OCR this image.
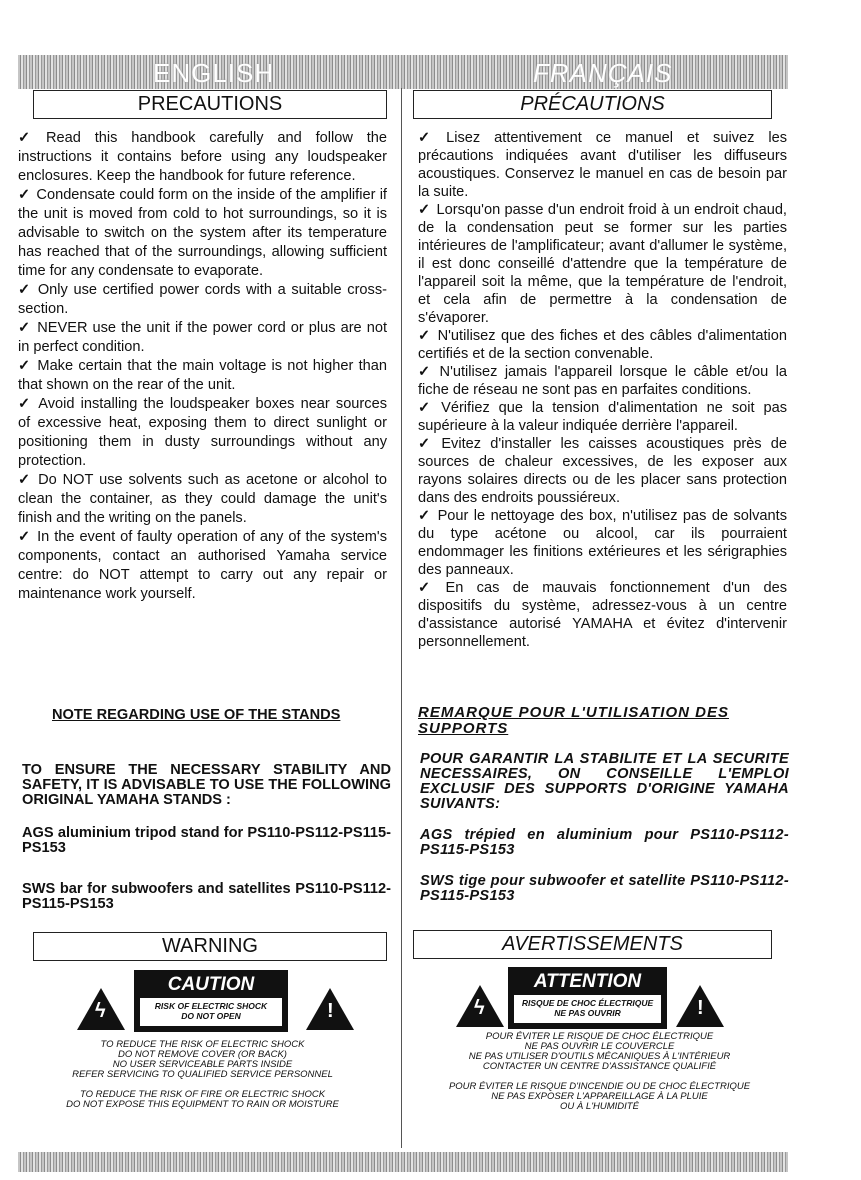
ENGLISH	FRANÇAIS
PRECAUTIONS	PRÉCAUTIONS

✓ Read this handbook carefully and follow the instructions it contains before using any loudspeaker enclosures. Keep the handbook for future reference.

✓ Condensate could form on the inside of the amplifier if the unit is moved from cold to hot surroundings, so it is advisable to switch on the system after its temperature has reached that of the surroundings, allowing sufficient time for any condensate to evaporate.

✓ Only use certified power cords with a suitable cross-section.

✓ NEVER use the unit if the power cord or plus are not in perfect condition.

✓ Make certain that the main voltage is not higher than that shown on the rear of the unit.

✓ Avoid installing the loudspeaker boxes near sources of excessive heat, exposing them to direct sunlight or positioning them in dusty surroundings without any protection.

✓ Do NOT use solvents such as acetone or alcohol to clean the container, as they could damage the unit's finish and the writing on the panels.

✓ In the event of faulty operation of any of the system's components, contact an authorised Yamaha service centre: do NOT attempt to carry out any repair or maintenance work yourself.

✓ Lisez attentivement ce manuel et suivez les précautions indiquées avant d'utiliser les diffuseurs acoustiques. Conservez le manuel en cas de besoin par la suite.

✓ Lorsqu'on passe d'un endroit froid à un endroit chaud, de la condensation peut se former sur les parties intérieures de l'amplificateur; avant d'allumer le système, il est donc conseillé d'attendre que la température de l'appareil soit la même, que la température de l'endroit, et cela afin de permettre à la condensation de s'évaporer.

✓ N'utilisez que des fiches et des câbles d'alimentation certifiés et de la section convenable.

✓ N'utilisez jamais l'appareil lorsque le câble et/ou la fiche de réseau ne sont pas en parfaites conditions.

✓ Vérifiez que la tension d'alimentation ne soit pas supérieure à la valeur indiquée derrière l'appareil.

✓ Evitez d'installer les caisses acoustiques près de sources de chaleur excessives, de les exposer aux rayons solaires directs ou de les placer sans protection dans des endroits poussiéreux.

✓ Pour le nettoyage des box, n'utilisez pas de solvants du type acétone ou alcool, car ils pourraient endommager les finitions extérieures et les sérigraphies des panneaux.

✓ En cas de mauvais fonctionnement d'un des dispositifs du système, adressez-vous à un centre d'assistance autorisé YAMAHA et évitez d'intervenir personnellement.

NOTE REGARDING USE OF THE STANDS	REMARQUE POUR L'UTILISATION DES SUPPORTS

TO ENSURE THE NECESSARY STABILITY AND SAFETY, IT IS ADVISABLE TO USE THE FOLLOWING ORIGINAL YAMAHA STANDS :

AGS aluminium tripod stand for PS110-PS112-PS115-PS153

SWS bar for subwoofers and satellites PS110-PS112-PS115-PS153

POUR GARANTIR LA STABILITE ET LA SECURITE NECESSAIRES, ON CONSEILLE L'EMPLOI EXCLUSIF DES SUPPORTS D'ORIGINE YAMAHA SUIVANTS:

AGS trépied en aluminium pour PS110-PS112-PS115-PS153

SWS tige pour subwoofer et satellite PS110-PS112-PS115-PS153

WARNING	AVERTISSEMENTS
ϟ
CAUTION
RISK OF ELECTRIC SHOCK
DO NOT OPEN	!	ϟ
ATTENTION
RISQUE DE CHOC ÉLECTRIQUE
NE PAS OUVRIR	!

TO REDUCE THE RISK OF ELECTRIC SHOCK

DO NOT REMOVE COVER (OR BACK)

NO USER SERVICEABLE PARTS INSIDE

REFER SERVICING TO QUALIFIED SERVICE PERSONNEL

TO REDUCE THE RISK OF FIRE OR ELECTRIC SHOCK

DO NOT EXPOSE THIS EQUIPMENT TO RAIN OR MOISTURE

POUR ÉVITER LE RISQUE DE CHOC ÉLECTRIQUE

NE PAS OUVRIR LE COUVERCLE

NE PAS UTILISER D'OUTILS MÉCANIQUES À L'INTÉRIEUR

CONTACTER UN CENTRE D'ASSISTANCE QUALIFIÉ

POUR ÉVITER LE RISQUE D'INCENDIE OU DE CHOC ÉLECTRIQUE

NE PAS EXPOSER L'APPAREILLAGE À LA PLUIE

OU À L'HUMIDITÉ
